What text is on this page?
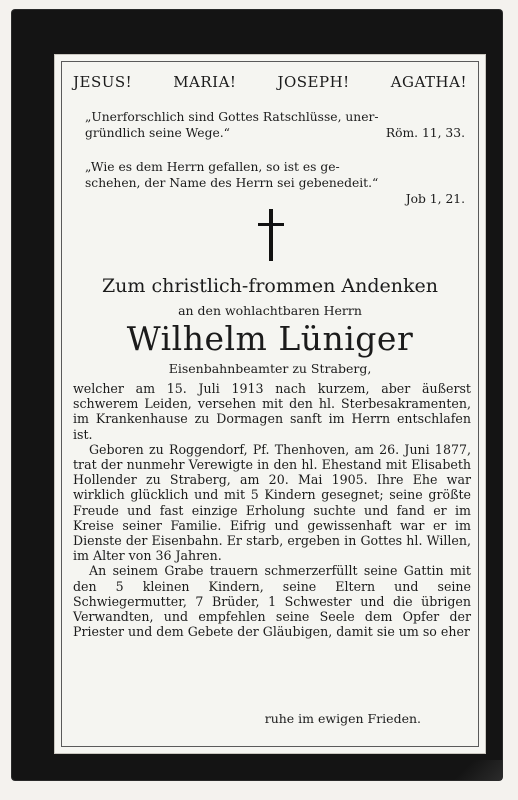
JESUS!	MARIA!	JOSEPH!	AGATHA!
„Unerforschlich sind Gottes Ratschlüsse, uner-
gründlich seine Wege.“	Röm. 11, 33.
„Wie es dem Herrn gefallen, so ist es ge-
schehen, der Name des Herrn sei gebenedeit.“
Job 1, 21.
Zum christlich-frommen Andenken
an den wohlachtbaren Herrn
Wilhelm Lüniger
Eisenbahnbeamter zu Straberg,

welcher am 15. Juli 1913 nach kurzem, aber äußerst schwerem Leiden, versehen mit den hl. Sterbesakramenten, im Krankenhause zu Dormagen sanft im Herrn entschlafen ist.

Geboren zu Roggendorf, Pf. Thenhoven, am 26. Juni 1877, trat der nunmehr Verewigte in den hl. Ehestand mit Elisabeth Hollender zu Straberg, am 20. Mai 1905. Ihre Ehe war wirklich glücklich und mit 5 Kindern gesegnet; seine größte Freude und fast einzige Erholung suchte und fand er im Kreise seiner Familie. Eifrig und gewissenhaft war er im Dienste der Eisenbahn. Er starb, ergeben in Gottes hl. Willen, im Alter von 36 Jahren.

An seinem Grabe trauern schmerzerfüllt seine Gattin mit den 5 kleinen Kindern, seine Eltern und seine Schwiegermutter, 7 Brüder, 1 Schwester und die übrigen Verwandten, und empfehlen seine Seele dem Opfer der Priester und dem Gebete der Gläubigen, damit sie um so eher

ruhe im ewigen Frieden.
